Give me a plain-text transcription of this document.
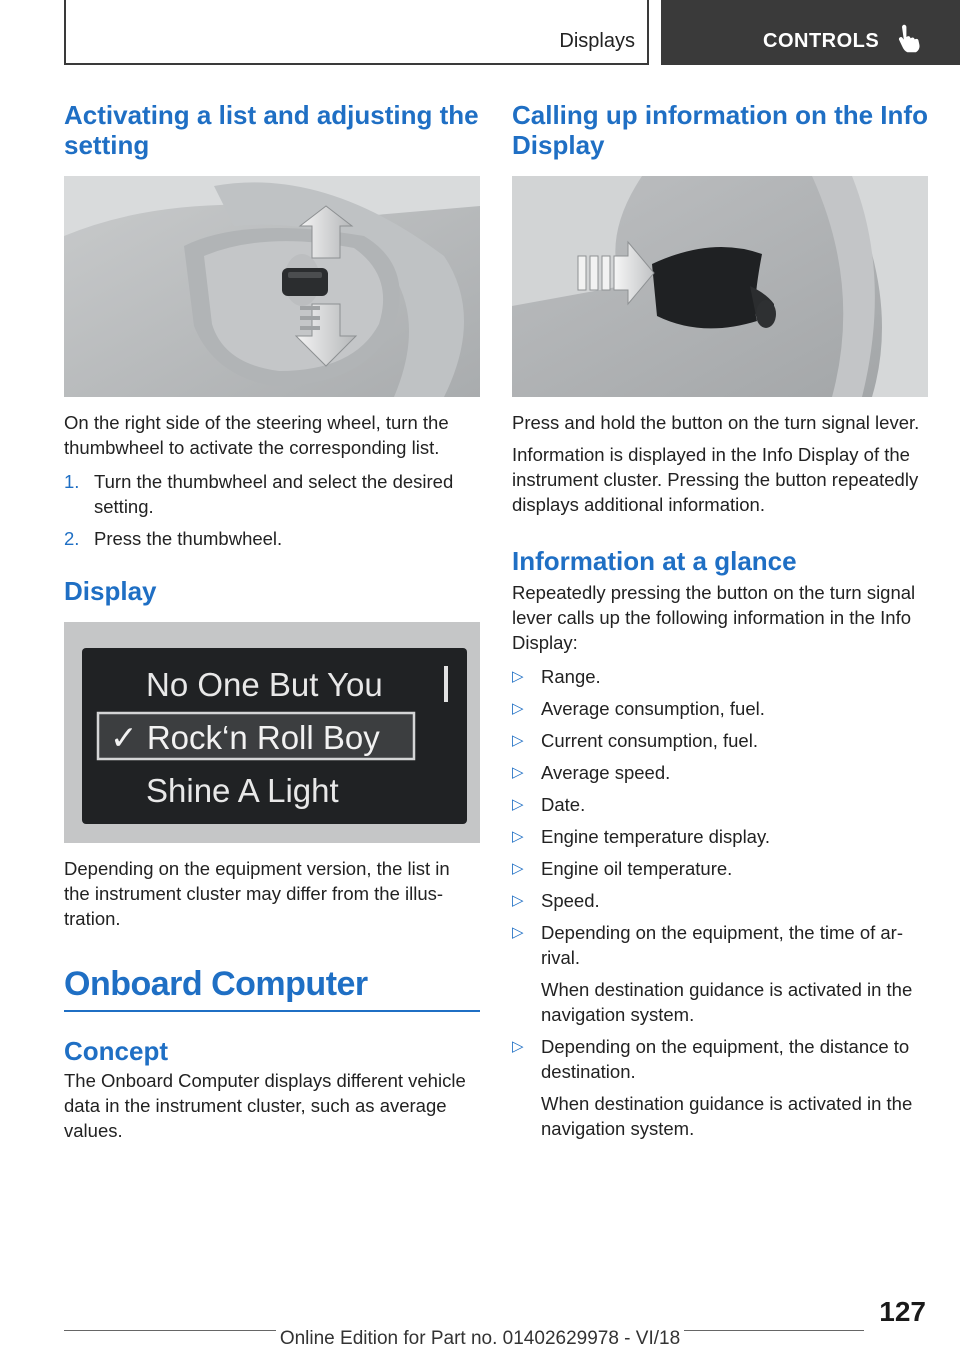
Displays	CONTROLS
Activating a list and adjusting the setting

On the right side of the steering wheel, turn the thumbwheel to activate the corresponding list.

1. Turn the thumbwheel and select the desired setting.
2. Press the thumbwheel.
Display
No One But You
✓ Rock‘n Roll Boy
Shine A Light

Depending on the equipment version, the list in the instrument cluster may differ from the illustration.

Onboard Computer
Concept

The Onboard Computer displays different vehicle data in the instrument cluster, such as average values.

Calling up information on the Info Display

Press and hold the button on the turn signal lever.

Information is displayed in the Info Display of the instrument cluster. Pressing the button repeatedly displays additional information.

Information at a glance

Repeatedly pressing the button on the turn signal lever calls up the following information in the Info Display:

▷ Range.
▷ Average consumption, fuel.
▷ Current consumption, fuel.
▷ Average speed.
▷ Date.
▷ Engine temperature display.
▷ Engine oil temperature.
▷ Speed.
▷ Depending on the equipment, the time of arrival.
When destination guidance is activated in the navigation system.
▷ Depending on the equipment, the distance to destination.
When destination guidance is activated in the navigation system.
127
Online Edition for Part no. 01402629978 - VI/18
